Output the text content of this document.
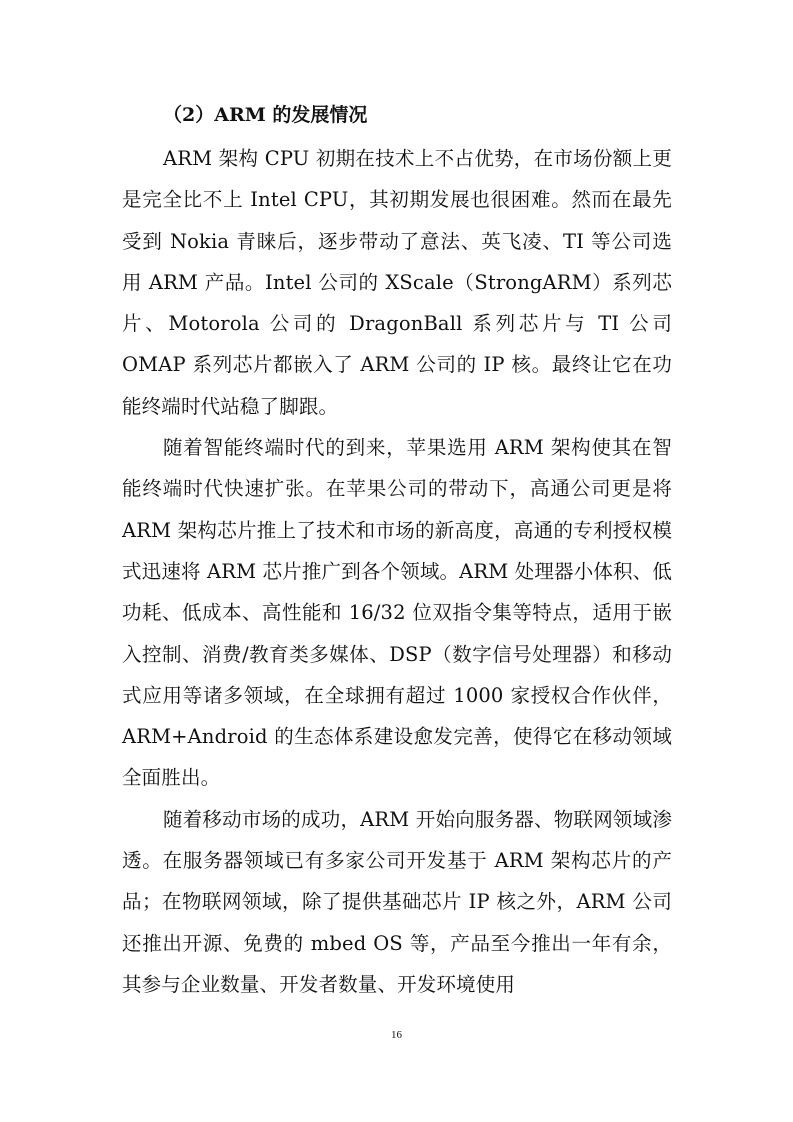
（2）ARM 的发展情况

ARM 架构 CPU 初期在技术上不占优势，在市场份额上更是完全比不上 Intel CPU，其初期发展也很困难。然而在最先受到 Nokia 青睐后，逐步带动了意法、英飞凌、TI 等公司选用 ARM 产品。Intel 公司的 XScale（StrongARM）系列芯片、Motorola 公司的 DragonBall 系列芯片与 TI 公司 OMAP 系列芯片都嵌入了 ARM 公司的 IP 核。最终让它在功能终端时代站稳了脚跟。

随着智能终端时代的到来，苹果选用 ARM 架构使其在智能终端时代快速扩张。在苹果公司的带动下，高通公司更是将 ARM 架构芯片推上了技术和市场的新高度，高通的专利授权模式迅速将 ARM 芯片推广到各个领域。ARM 处理器小体积、低功耗、低成本、高性能和 16/32 位双指令集等特点，适用于嵌入控制、消费/教育类多媒体、DSP（数字信号处理器）和移动式应用等诸多领域，在全球拥有超过 1000 家授权合作伙伴，ARM+Android 的生态体系建设愈发完善，使得它在移动领域全面胜出。

随着移动市场的成功，ARM 开始向服务器、物联网领域渗透。在服务器领域已有多家公司开发基于 ARM 架构芯片的产品；在物联网领域，除了提供基础芯片 IP 核之外，ARM 公司还推出开源、免费的 mbed OS 等，产品至今推出一年有余，其参与企业数量、开发者数量、开发环境使用

16
